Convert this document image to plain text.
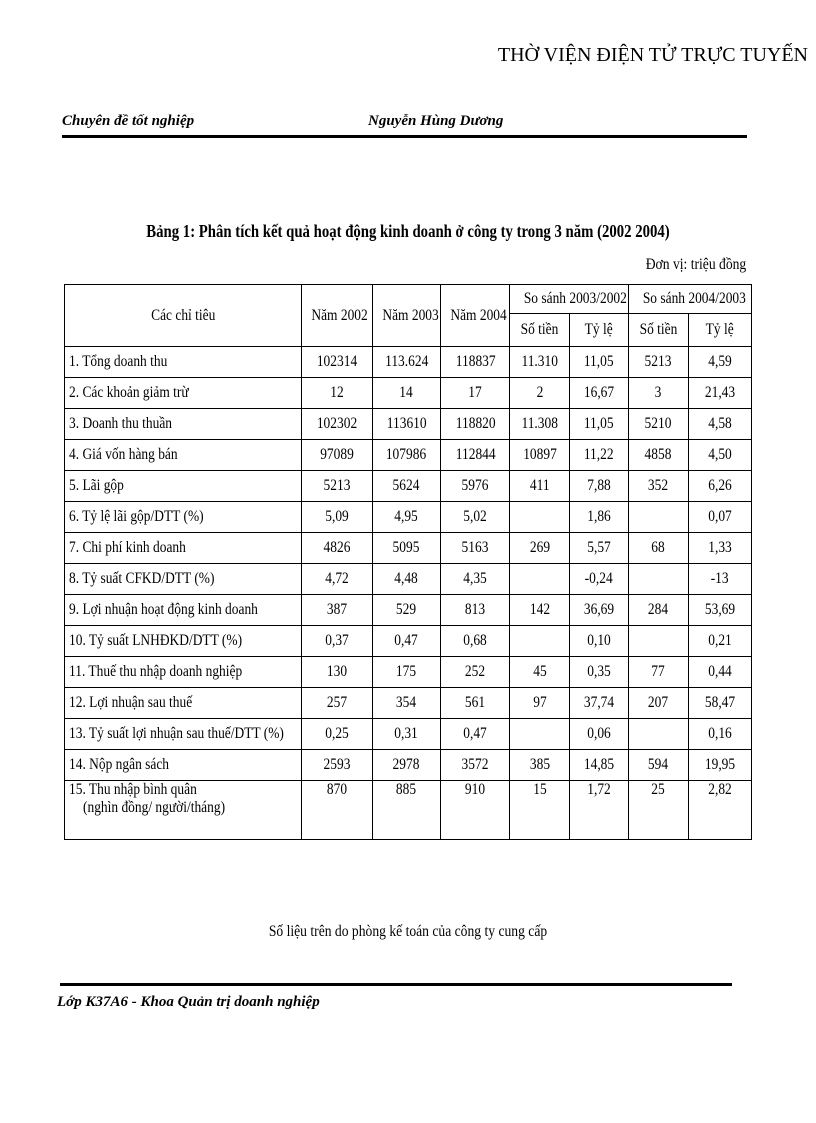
THỜ VIỆN ĐIỆN TỬ TRỰC TUYẾN
Chuyên đề tốt nghiệp	Nguyễn Hùng Dương
Bảng 1: Phân tích kết quả hoạt động kinh doanh ở công ty trong 3 năm (2002 2004)
Đơn vị: triệu đồng
Các chỉ tiêu	Năm 2002	Năm 2003	Năm 2004	So sánh 2003/2002		So sánh 2004/2003	
				Số tiền	Tỷ lệ	Số tiền	Tỷ lệ
1. Tổng doanh thu	102314	113.624	118837	11.310	11,05	5213	4,59
2. Các khoản giảm trừ	12	14	17	2	16,67	3	21,43
3. Doanh thu thuần	102302	113610	118820	11.308	11,05	5210	4,58
4. Giá vốn hàng bán	97089	107986	112844	10897	11,22	4858	4,50
5. Lãi gộp	5213	5624	5976	411	7,88	352	6,26
6. Tỷ lệ lãi gộp/DTT (%)	5,09	4,95	5,02		1,86		0,07
7. Chi phí kinh doanh	4826	5095	5163	269	5,57	68	1,33
8. Tỷ suất CFKD/DTT (%)	4,72	4,48	4,35		-0,24		-13
9. Lợi nhuận hoạt động kinh doanh	387	529	813	142	36,69	284	53,69
10. Tỷ suất LNHĐKD/DTT (%)	0,37	0,47	0,68		0,10		0,21
11. Thuế thu nhập doanh nghiệp	130	175	252	45	0,35	77	0,44
12. Lợi nhuận sau thuế	257	354	561	97	37,74	207	58,47
13. Tỷ suất lợi nhuận sau thuế/DTT (%)	0,25	0,31	0,47		0,06		0,16
14. Nộp ngân sách	2593	2978	3572	385	14,85	594	19,95
15. Thu nhập bình quân
(nghìn đồng/ người/tháng)	870	885	910	15	1,72	25	2,82
Số liệu trên do phòng kế toán của công ty cung cấp
Lớp K37A6 - Khoa Quản trị doanh nghiệp
